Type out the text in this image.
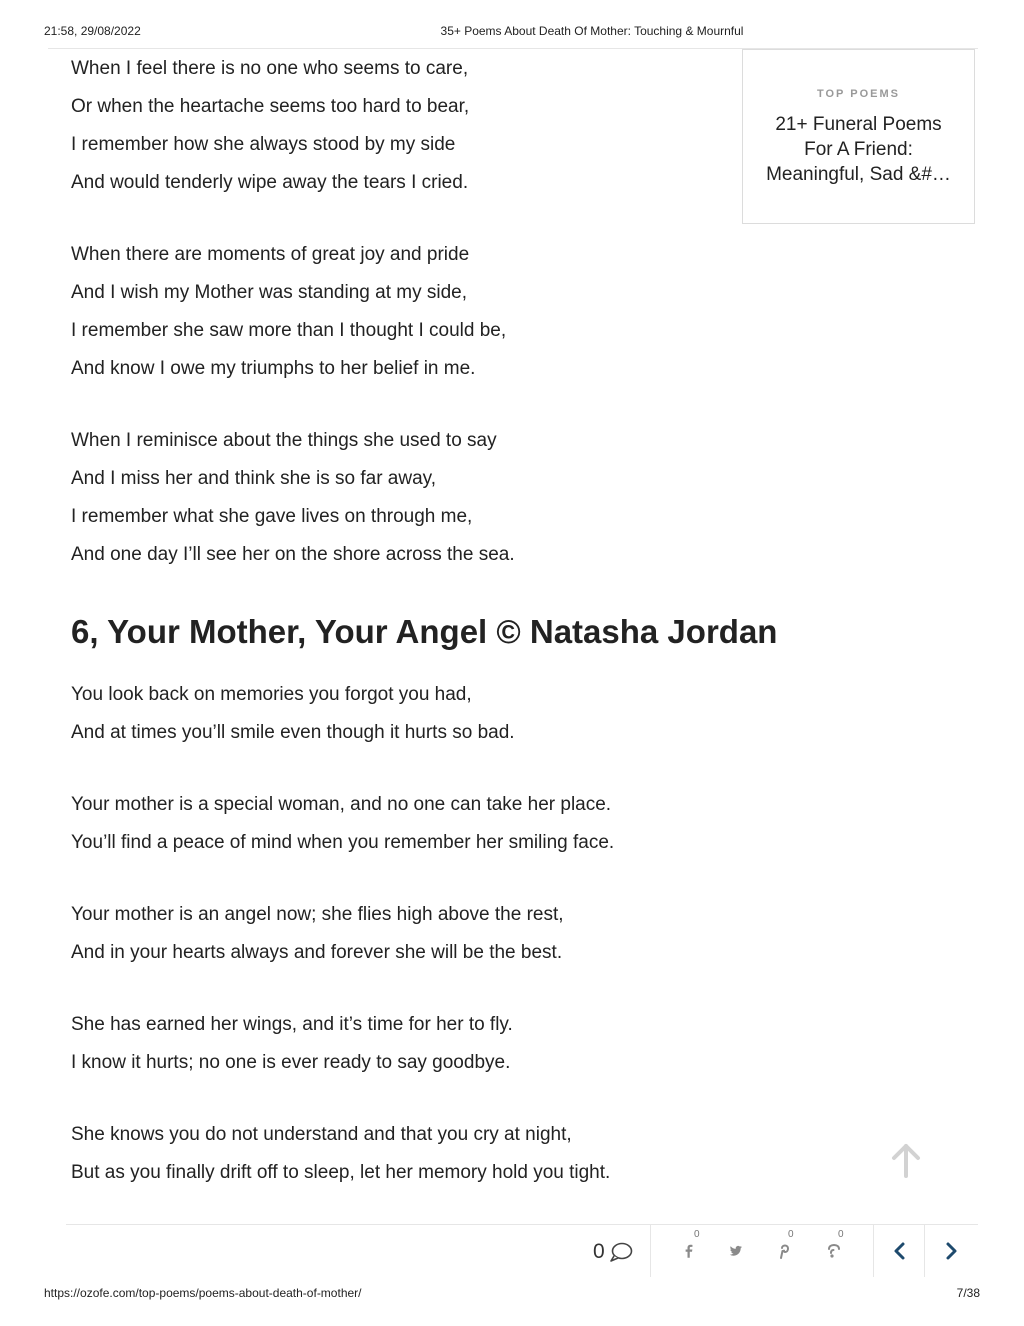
21:58, 29/08/2022	35+ Poems About Death Of Mother: Touching & Mournful

When I feel there is no one who seems to care,

Or when the heartache seems too hard to bear,

I remember how she always stood by my side

And would tenderly wipe away the tears I cried.

When there are moments of great joy and pride

And I wish my Mother was standing at my side,

I remember she saw more than I thought I could be,

And know I owe my triumphs to her belief in me.

When I reminisce about the things she used to say

And I miss her and think she is so far away,

I remember what she gave lives on through me,

And one day I’ll see her on the shore across the sea.

6, Your Mother, Your Angel © Natasha Jordan

You look back on memories you forgot you had,

And at times you’ll smile even though it hurts so bad.

Your mother is a special woman, and no one can take her place.

You’ll find a peace of mind when you remember her smiling face.

Your mother is an angel now; she flies high above the rest,

And in your hearts always and forever she will be the best.

She has earned her wings, and it’s time for her to fly.

I know it hurts; no one is ever ready to say goodbye.

She knows you do not understand and that you cry at night,

But as you finally drift off to sleep, let her memory hold you tight.

TOP POEMS
21+ Funeral Poems For A Friend: Meaningful, Sad &#…
0
0	0	0
https://ozofe.com/top-poems/poems-about-death-of-mother/	7/38
